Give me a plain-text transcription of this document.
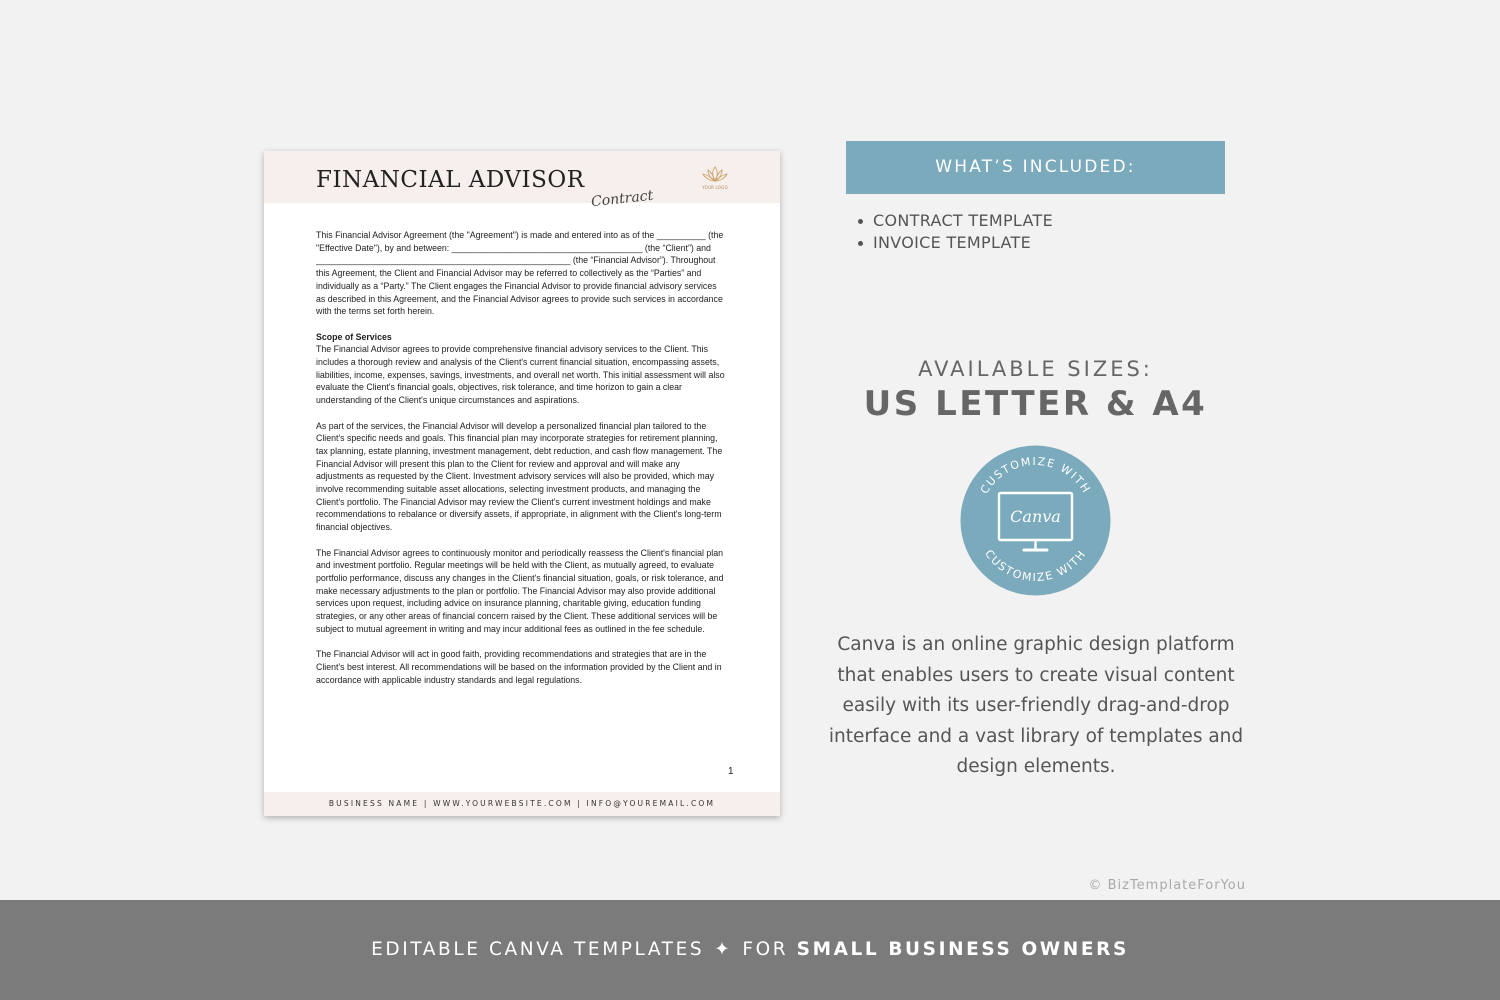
FINANCIAL ADVISOR
Contract
YOUR LOGO

This Financial Advisor Agreement (the "Agreement") is made and entered into as of the __________ (the "Effective Date"), by and between: _______________________________________ (the “Client”) and ____________________________________________________ (the “Financial Advisor”). Throughout this Agreement, the Client and Financial Advisor may be referred to collectively as the “Parties” and individually as a “Party.” The Client engages the Financial Advisor to provide financial advisory services as described in this Agreement, and the Financial Advisor agrees to provide such services in accordance with the terms set forth herein.

Scope of Services

The Financial Advisor agrees to provide comprehensive financial advisory services to the Client. This includes a thorough review and analysis of the Client's current financial situation, encompassing assets, liabilities, income, expenses, savings, investments, and overall net worth. This initial assessment will also evaluate the Client's financial goals, objectives, risk tolerance, and time horizon to gain a clear understanding of the Client's unique circumstances and aspirations.

As part of the services, the Financial Advisor will develop a personalized financial plan tailored to the Client's specific needs and goals. This financial plan may incorporate strategies for retirement planning, tax planning, estate planning, investment management, debt reduction, and cash flow management. The Financial Advisor will present this plan to the Client for review and approval and will make any adjustments as requested by the Client. Investment advisory services will also be provided, which may involve recommending suitable asset allocations, selecting investment products, and managing the Client's portfolio. The Financial Advisor may review the Client's current investment holdings and make recommendations to rebalance or diversify assets, if appropriate, in alignment with the Client's long-term financial objectives.

The Financial Advisor agrees to continuously monitor and periodically reassess the Client's financial plan and investment portfolio. Regular meetings will be held with the Client, as mutually agreed, to evaluate portfolio performance, discuss any changes in the Client's financial situation, goals, or risk tolerance, and make necessary adjustments to the plan or portfolio. The Financial Advisor may also provide additional services upon request, including advice on insurance planning, charitable giving, education funding strategies, or any other areas of financial concern raised by the Client. These additional services will be subject to mutual agreement in writing and may incur additional fees as outlined in the fee schedule.

The Financial Advisor will act in good faith, providing recommendations and strategies that are in the Client's best interest. All recommendations will be based on the information provided by the Client and in accordance with applicable industry standards and legal regulations.

1
BUSINESS NAME | WWW.YOURWEBSITE.COM | INFO@YOUREMAIL.COM
WHAT’S INCLUDED:
CONTRACT TEMPLATE
INVOICE TEMPLATE
AVAILABLE SIZES:
US LETTER & A4
CUSTOMIZE WITH
CUSTOMIZE WITH
Canva
Canva is an online graphic design platform that enables users to create visual content easily with its user-friendly drag-and-drop interface and a vast library of templates and design elements.
© BizTemplateForYou
EDITABLE CANVA TEMPLATES ✦ FOR SMALL BUSINESS OWNERS
